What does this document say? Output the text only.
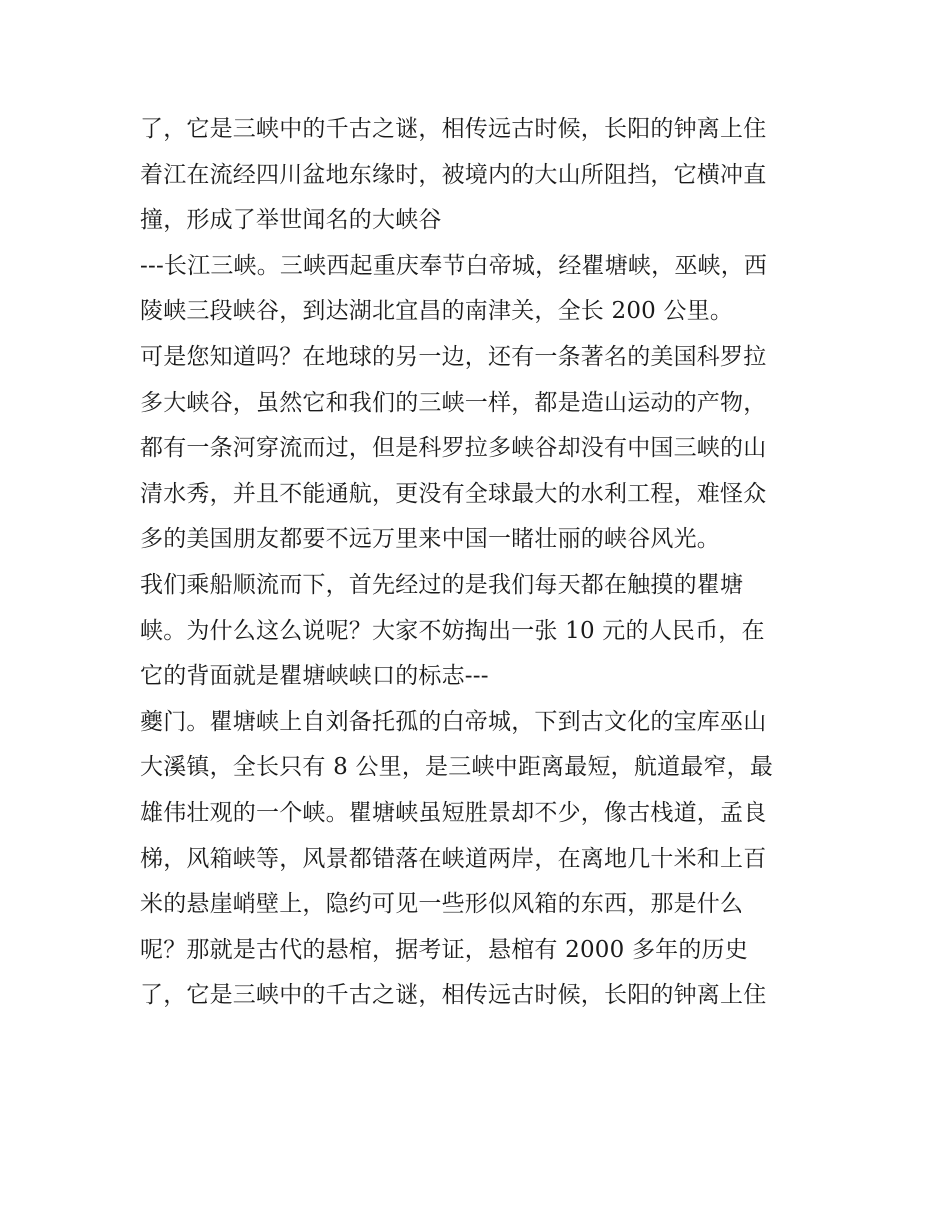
了，它是三峡中的千古之谜，相传远古时候，长阳的钟离上住
着江在流经四川盆地东缘时，被境内的大山所阻挡，它横冲直
撞，形成了举世闻名的大峡谷
---长江三峡。三峡西起重庆奉节白帝城，经瞿塘峡，巫峡，西
陵峡三段峡谷，到达湖北宜昌的南津关，全长 200 公里。
可是您知道吗？在地球的另一边，还有一条著名的美国科罗拉
多大峡谷，虽然它和我们的三峡一样，都是造山运动的产物，
都有一条河穿流而过，但是科罗拉多峡谷却没有中国三峡的山
清水秀，并且不能通航，更没有全球最大的水利工程，难怪众
多的美国朋友都要不远万里来中国一睹壮丽的峡谷风光。
我们乘船顺流而下，首先经过的是我们每天都在触摸的瞿塘
峡。为什么这么说呢？大家不妨掏出一张 10 元的人民币，在
它的背面就是瞿塘峡峡口的标志---
夔门。瞿塘峡上自刘备托孤的白帝城，下到古文化的宝库巫山
大溪镇，全长只有 8 公里，是三峡中距离最短，航道最窄，最
雄伟壮观的一个峡。瞿塘峡虽短胜景却不少，像古栈道，孟良
梯，风箱峡等，风景都错落在峡道两岸，在离地几十米和上百
米的悬崖峭壁上，隐约可见一些形似风箱的东西，那是什么
呢？那就是古代的悬棺，据考证，悬棺有 2000 多年的历史
了，它是三峡中的千古之谜，相传远古时候，长阳的钟离上住
